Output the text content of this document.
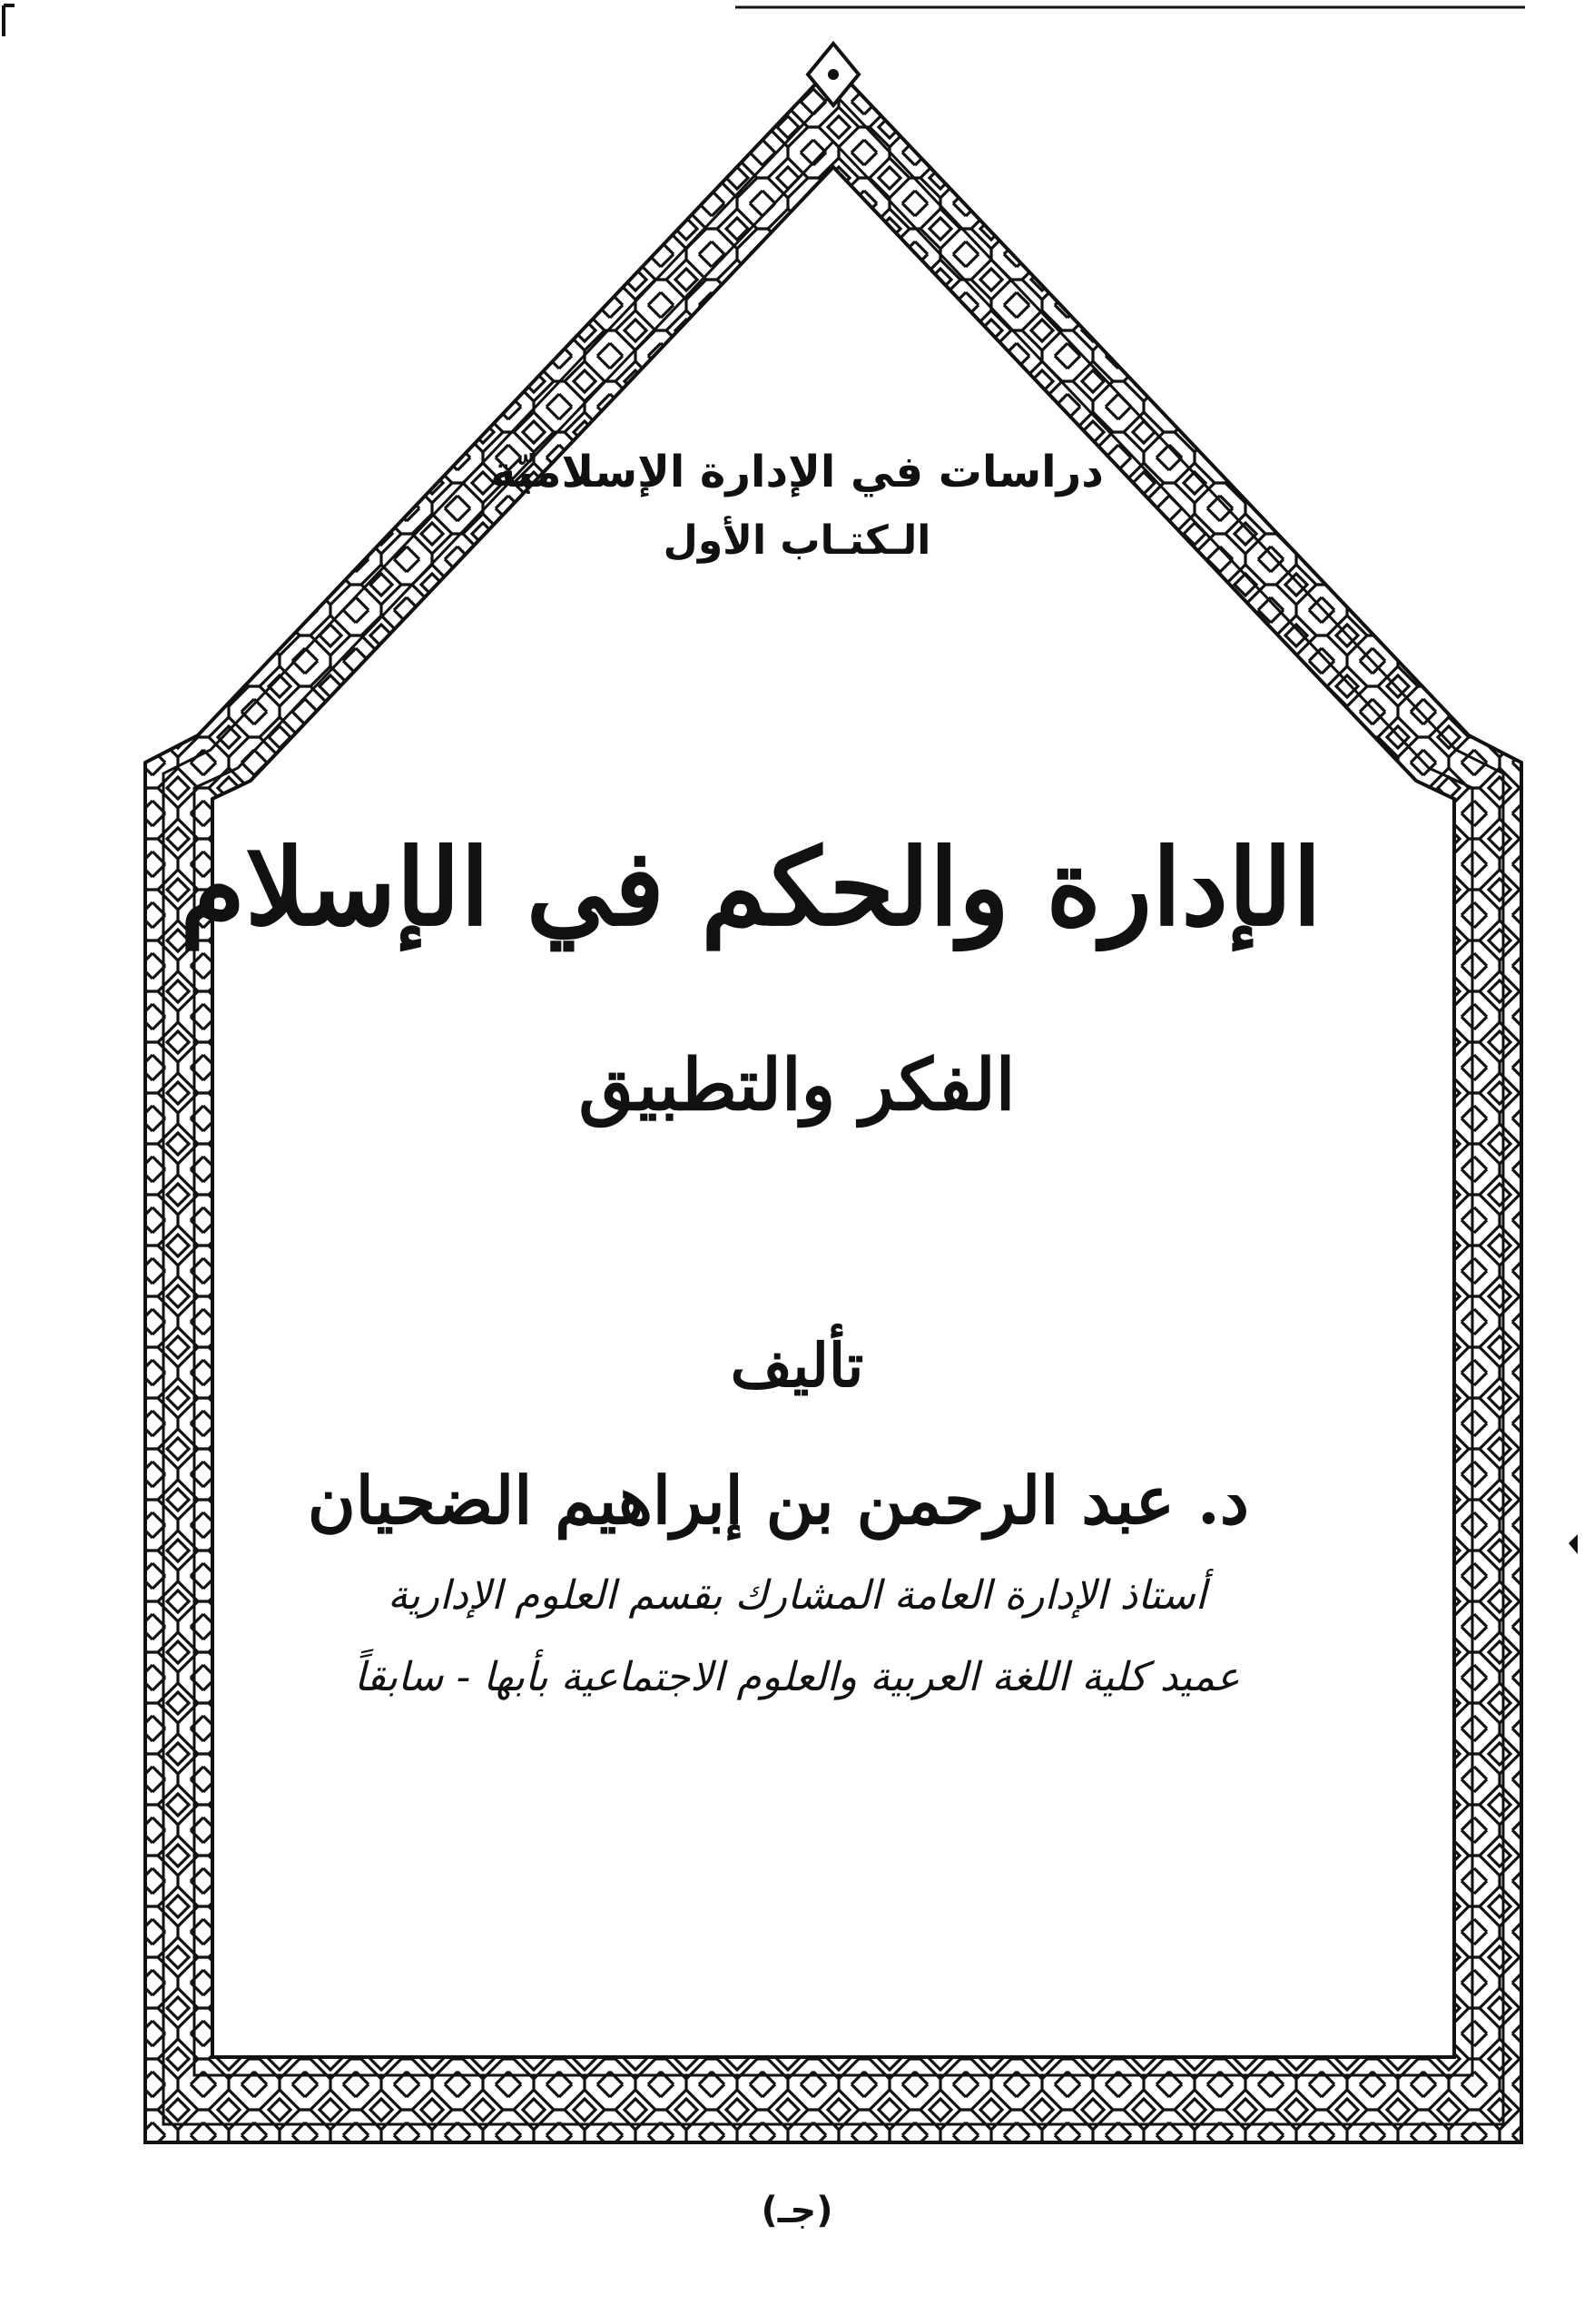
دراسات في الإدارة الإسلاميّة
الـكتـاب الأول
الإدارة والحكم في الإسلام
الفكر والتطبيق
تأليف
د. عبد الرحمن بن إبراهيم الضحيان
أستاذ الإدارة العامة المشارك بقسم العلوم الإدارية
عميد كلية اللغة العربية والعلوم الاجتماعية بأبها - سابقاً
(جـ)
